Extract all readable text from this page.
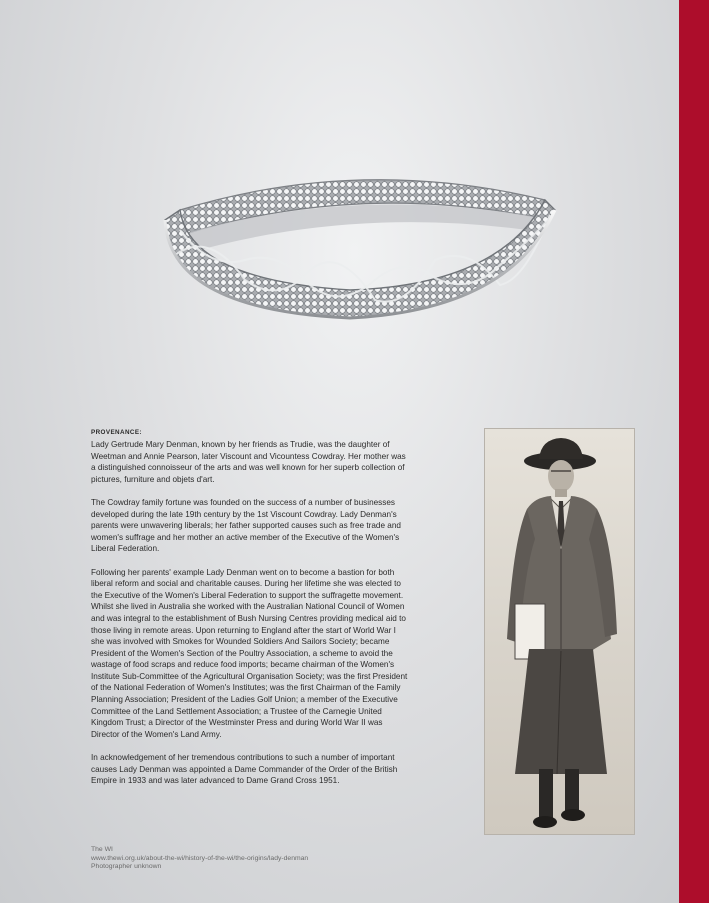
PROVENANCE:

Lady Gertrude Mary Denman, known by her friends as Trudie, was the daughter of Weetman and Annie Pearson, later Viscount and Vicountess Cowdray. Her mother was a distinguished connoisseur of the arts and was well known for her superb collection of pictures, furniture and objets d'art.

The Cowdray family fortune was founded on the success of a number of businesses developed during the late 19th century by the 1st Viscount Cowdray. Lady Denman's parents were unwavering liberals; her father supported causes such as free trade and women's suffrage and her mother an active member of the Executive of the Women's Liberal Federation.

Following her parents' example Lady Denman went on to become a bastion for both liberal reform and social and charitable causes. During her lifetime she was elected to the Executive of the Women's Liberal Federation to support the suffragette movement. Whilst she lived in Australia she worked with the Australian National Council of Women and was integral to the establishment of Bush Nursing Centres providing medical aid to those living in remote areas. Upon returning to England after the start of World War I she was involved with Smokes for Wounded Soldiers And Sailors Society; became President of the Women's Section of the Poultry Association, a scheme to avoid the wastage of food scraps and reduce food imports; became chairman of the Women's Institute Sub-Committee of the Agricultural Organisation Society; was the first President of the National Federation of Women's Institutes; was the first Chairman of the Family Planning Association; President of the Ladies Golf Union; a member of the Executive Committee of the Land Settlement Association; a Trustee of the Carnegie United Kingdom Trust; a Director of the Westminster Press and during World War II was Director of the Women's Land Army.

In acknowledgement of her tremendous contributions to such a number of important causes Lady Denman was appointed a Dame Commander of the Order of the British Empire in 1933 and was later advanced to Dame Grand Cross 1951.

The WI
www.thewi.org.uk/about-the-wi/history-of-the-wi/the-origins/lady-denman
Photographer unknown
